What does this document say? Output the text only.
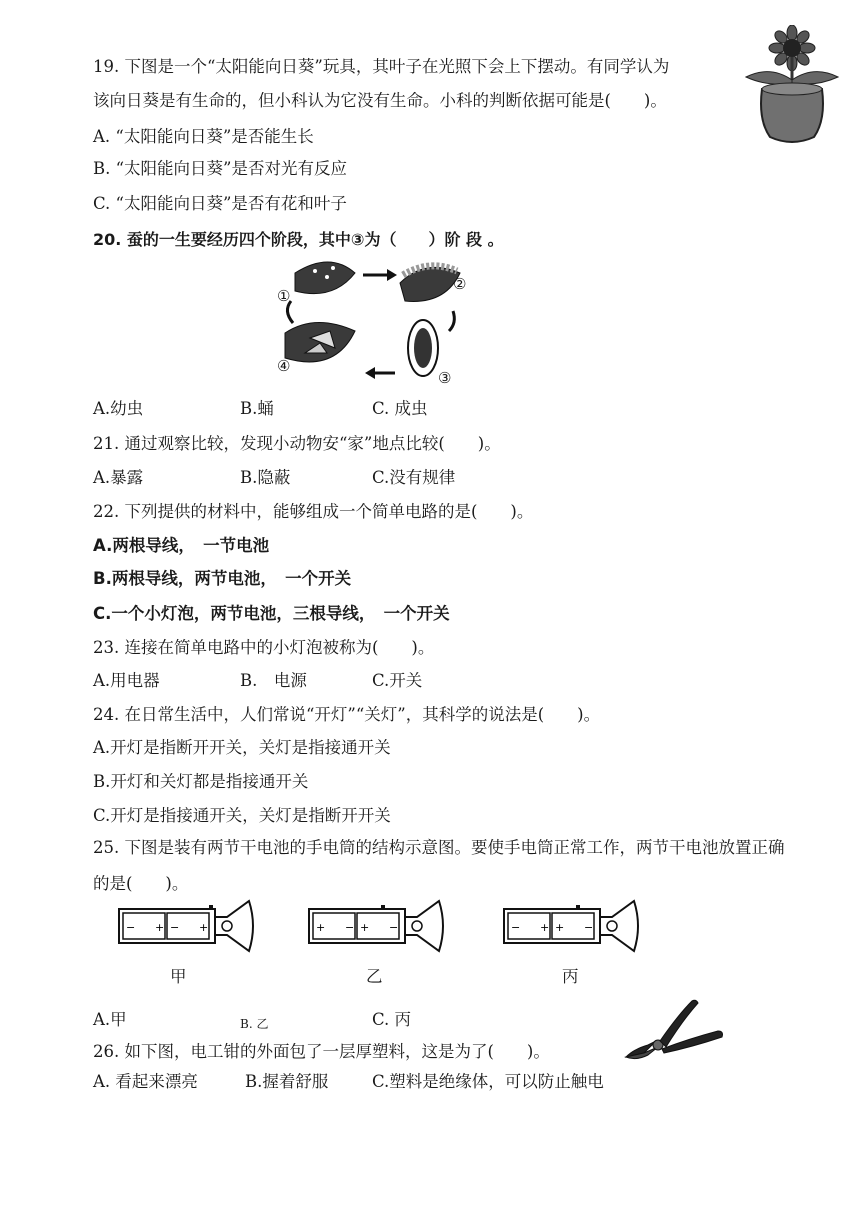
19. 下图是一个“太阳能向日葵”玩具，其叶子在光照下会上下摆动。有同学认为
该向日葵是有生命的，但小科认为它没有生命。小科的判断依据可能是(　　)。
A. “太阳能向日葵”是否能生长
B. “太阳能向日葵”是否对光有反应
C. “太阳能向日葵”是否有花和叶子
20. 蚕的一生要经历四个阶段，其中③为（　　）阶 段 。
①
②
③
④
A.幼虫	B.蛹	C. 成虫
21. 通过观察比较，发现小动物安“家”地点比较(　　)。
A.暴露	B.隐蔽	C.没有规律
22. 下列提供的材料中，能够组成一个简单电路的是(　　)。
A.两根导线，　一节电池
B.两根导线，两节电池，　一个开关
C.一个小灯泡，两节电池，三根导线，　一个开关
23. 连接在简单电路中的小灯泡被称为(　　)。
A.用电器	B.　电源	C.开关
24. 在日常生活中，人们常说“开灯”“关灯”，其科学的说法是(　　)。
A.开灯是指断开开关，关灯是指接通开关
B.开灯和关灯都是指接通开关
C.开灯是指接通开关，关灯是指断开开关
25. 下图是装有两节干电池的手电筒的结构示意图。要使手电筒正常工作，两节干电池放置正确
的是(　　)。
− + − +	+ − + −	− + + −
甲	乙	丙
A.甲	B. 乙	C. 丙
26. 如下图，电工钳的外面包了一层厚塑料，这是为了(　　)。
A. 看起来漂亮	B.握着舒服	C.塑料是绝缘体，可以防止触电
